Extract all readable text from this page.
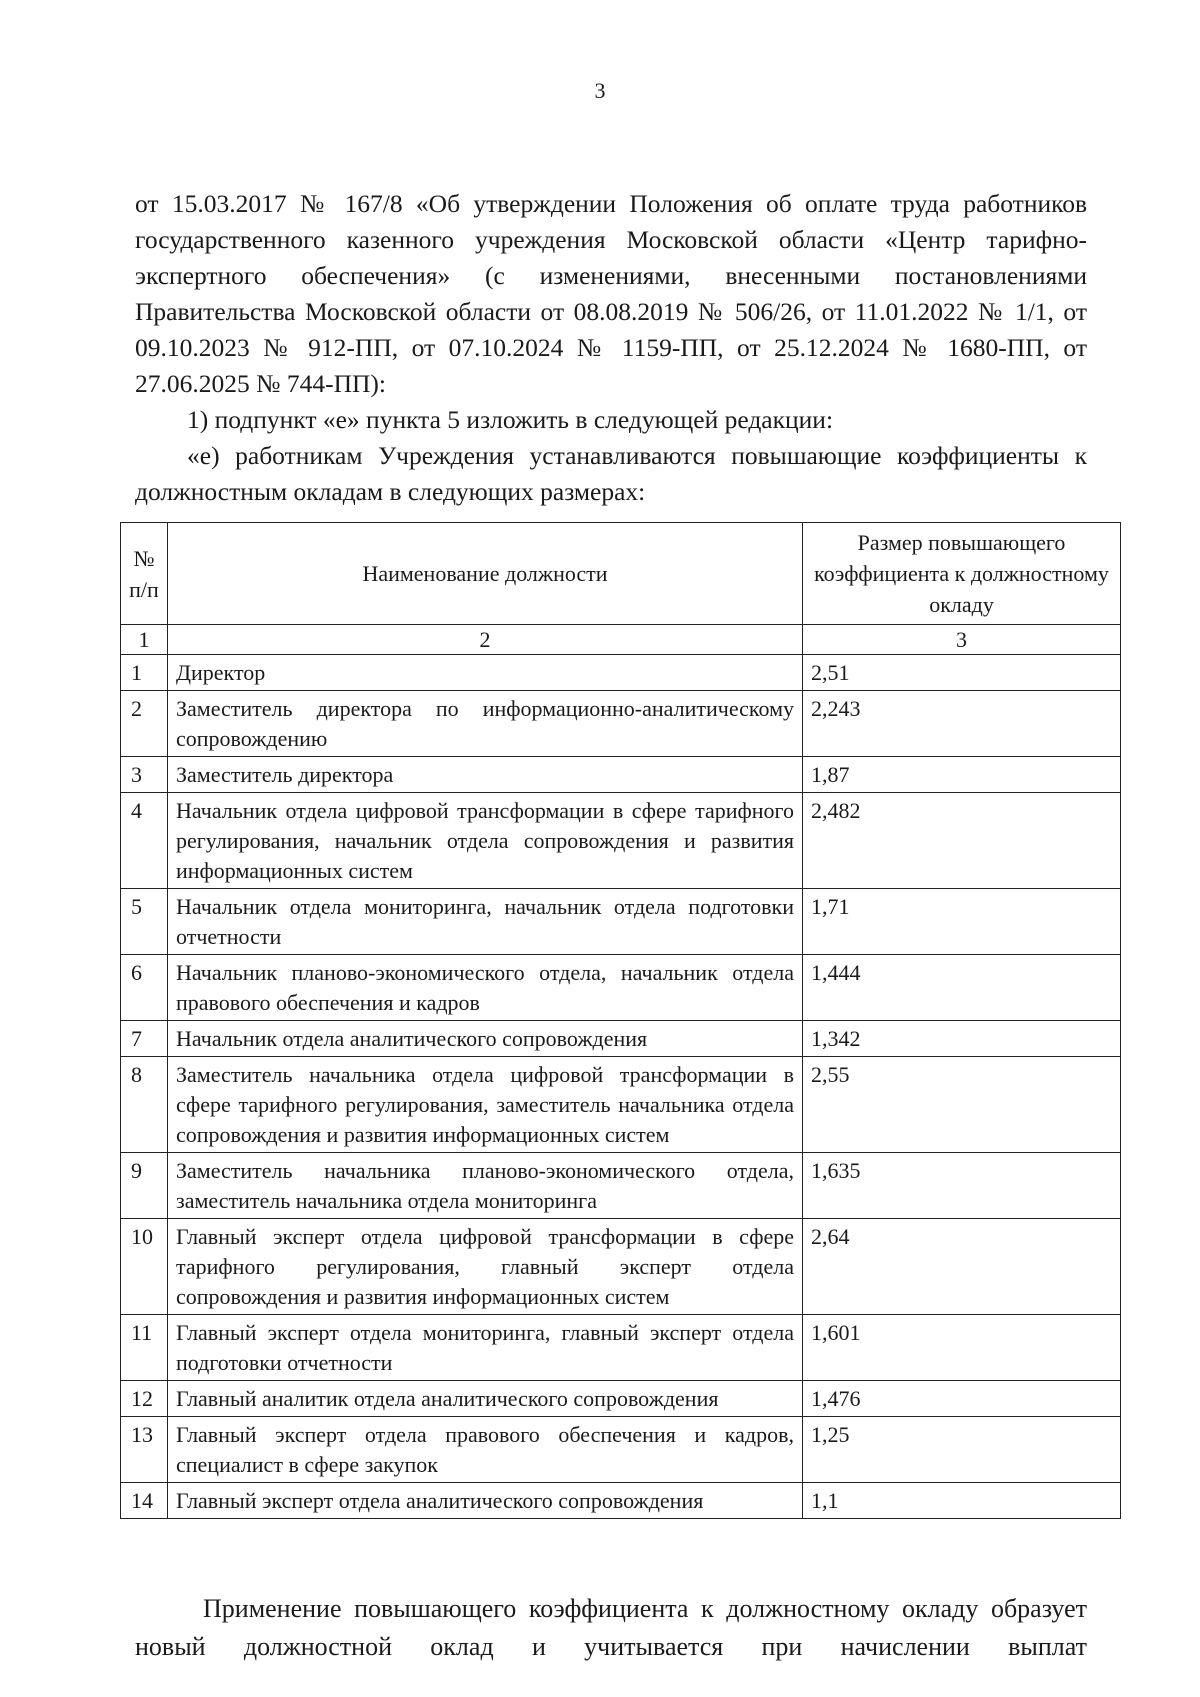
3

от 15.03.2017 № 167/8 «Об утверждении Положения об оплате труда работников государственного казенного учреждения Московской области «Центр тарифно-экспертного обеспечения» (с изменениями, внесенными постановлениями Правительства Московской области от 08.08.2019 № 506/26, от 11.01.2022 № 1/1, от 09.10.2023 № 912-ПП, от 07.10.2024 № 1159-ПП, от 25.12.2024 № 1680-ПП, от 27.06.2025 № 744-ПП):

1) подпункт «е» пункта 5 изложить в следующей редакции:

«е) работникам Учреждения устанавливаются повышающие коэффициенты к должностным окладам в следующих размерах:

№ п/п	Наименование должности	Размер повышающего коэффициента к должностному окладу
1	2	3
1	Директор	2,51
2	Заместитель директора по информационно-аналитическому сопровождению	2,243
3	Заместитель директора	1,87
4	Начальник отдела цифровой трансформации в сфере тарифного регулирования, начальник отдела сопровождения и развития информационных систем	2,482
5	Начальник отдела мониторинга, начальник отдела подготовки отчетности	1,71
6	Начальник планово-экономического отдела, начальник отдела правового обеспечения и кадров	1,444
7	Начальник отдела аналитического сопровождения	1,342
8	Заместитель начальника отдела цифровой трансформации в сфере тарифного регулирования, заместитель начальника отдела сопровождения и развития информационных систем	2,55
9	Заместитель начальника планово-экономического отдела, заместитель начальника отдела мониторинга	1,635
10	Главный эксперт отдела цифровой трансформации в сфере тарифного регулирования, главный эксперт отдела сопровождения и развития информационных систем	2,64
11	Главный эксперт отдела мониторинга, главный эксперт отдела подготовки отчетности	1,601
12	Главный аналитик отдела аналитического сопровождения	1,476
13	Главный эксперт отдела правового обеспечения и кадров, специалист в сфере закупок	1,25
14	Главный эксперт отдела аналитического сопровождения	1,1
Применение повышающего коэффициента к должностному окладу образует новый должностной оклад и учитывается при начислении выплат
